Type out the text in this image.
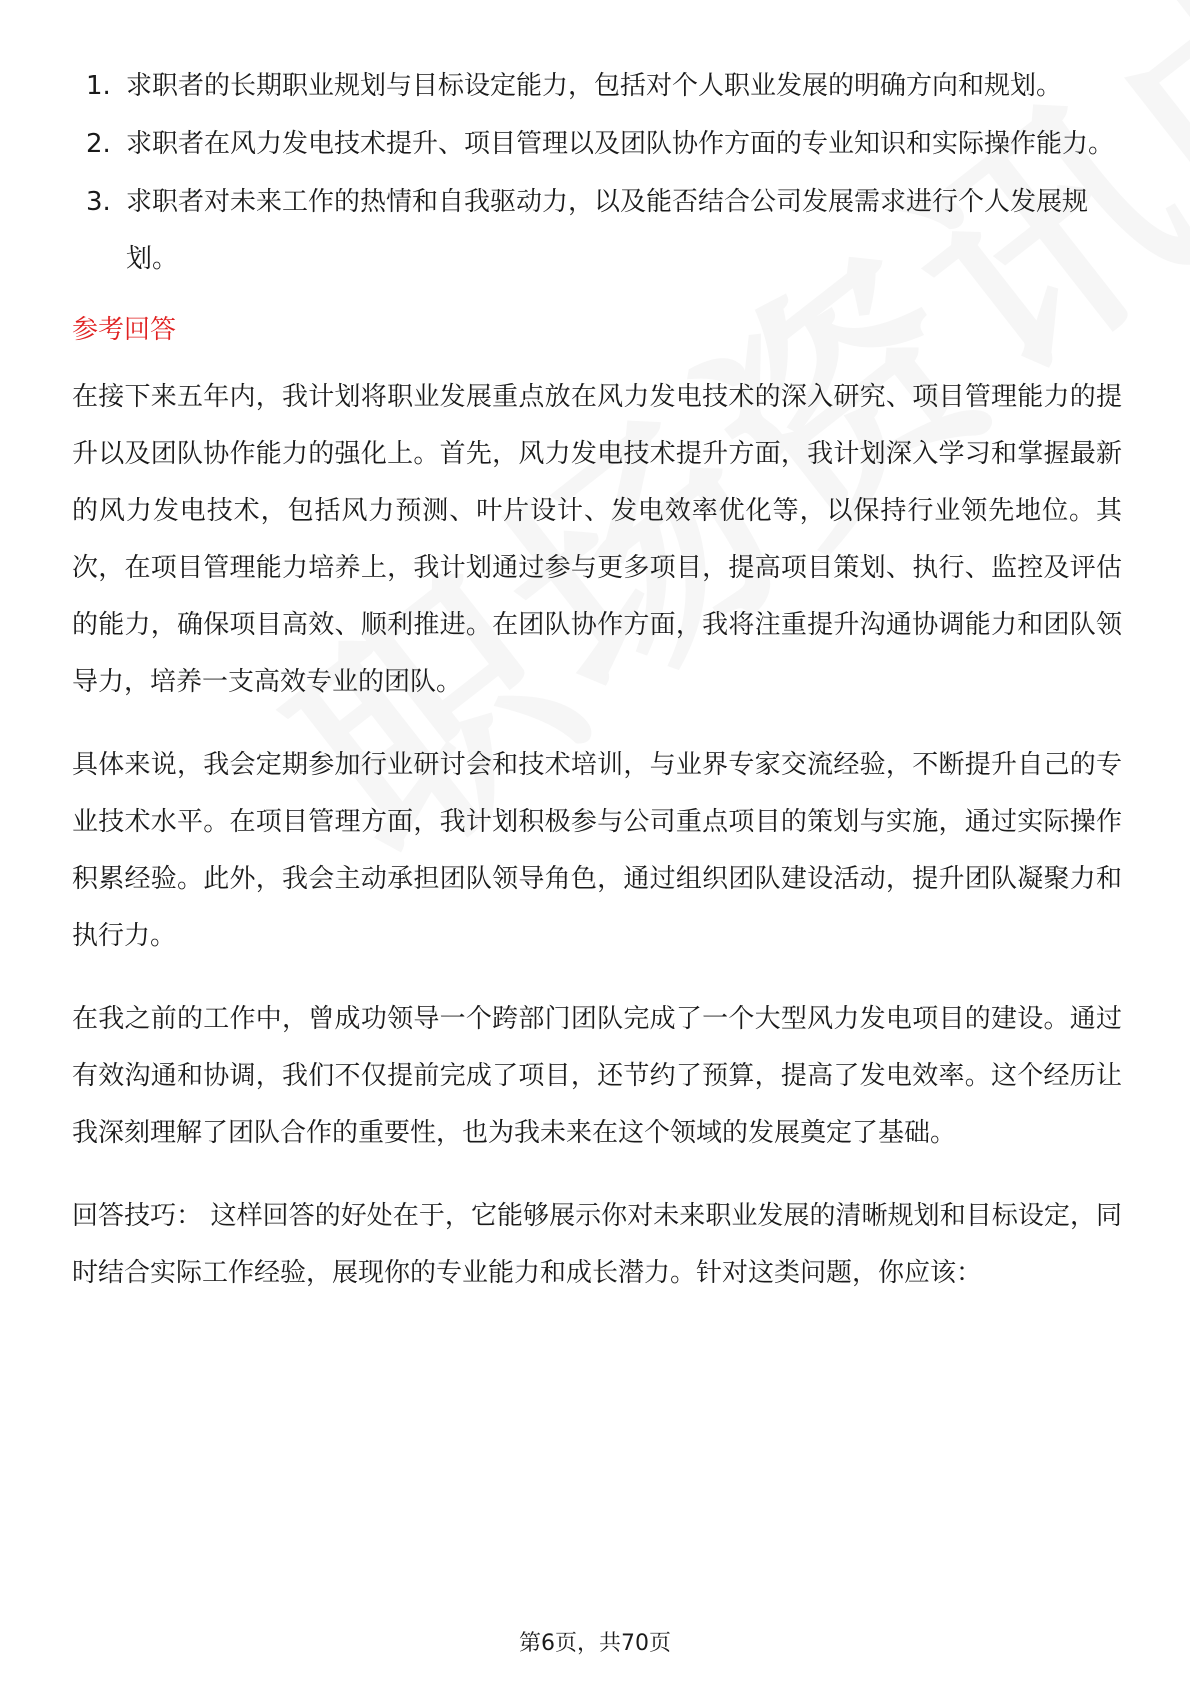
1. 求职者的长期职业规划与目标设定能力，包括对个人职业发展的明确方向和规划。
2. 求职者在风力发电技术提升、项目管理以及团队协作方面的专业知识和实际操作能力。
3. 求职者对未来工作的热情和自我驱动力，以及能否结合公司发展需求进行个人发展规划。
参考回答

在接下来五年内，我计划将职业发展重点放在风力发电技术的深入研究、项目管理能力的提升以及团队协作能力的强化上。首先，风力发电技术提升方面，我计划深入学习和掌握最新的风力发电技术，包括风力预测、叶片设计、发电效率优化等，以保持行业领先地位。其次，在项目管理能力培养上，我计划通过参与更多项目，提高项目策划、执行、监控及评估的能力，确保项目高效、顺利推进。在团队协作方面，我将注重提升沟通协调能力和团队领导力，培养一支高效专业的团队。

具体来说，我会定期参加行业研讨会和技术培训，与业界专家交流经验，不断提升自己的专业技术水平。在项目管理方面，我计划积极参与公司重点项目的策划与实施，通过实际操作积累经验。此外，我会主动承担团队领导角色，通过组织团队建设活动，提升团队凝聚力和执行力。

在我之前的工作中，曾成功领导一个跨部门团队完成了一个大型风力发电项目的建设。通过有效沟通和协调，我们不仅提前完成了项目，还节约了预算，提高了发电效率。这个经历让我深刻理解了团队合作的重要性，也为我未来在这个领域的发展奠定了基础。

回答技巧： 这样回答的好处在于，它能够展示你对未来职业发展的清晰规划和目标设定，同时结合实际工作经验，展现你的专业能力和成长潜力。针对这类问题，你应该：

第6页，共70页
